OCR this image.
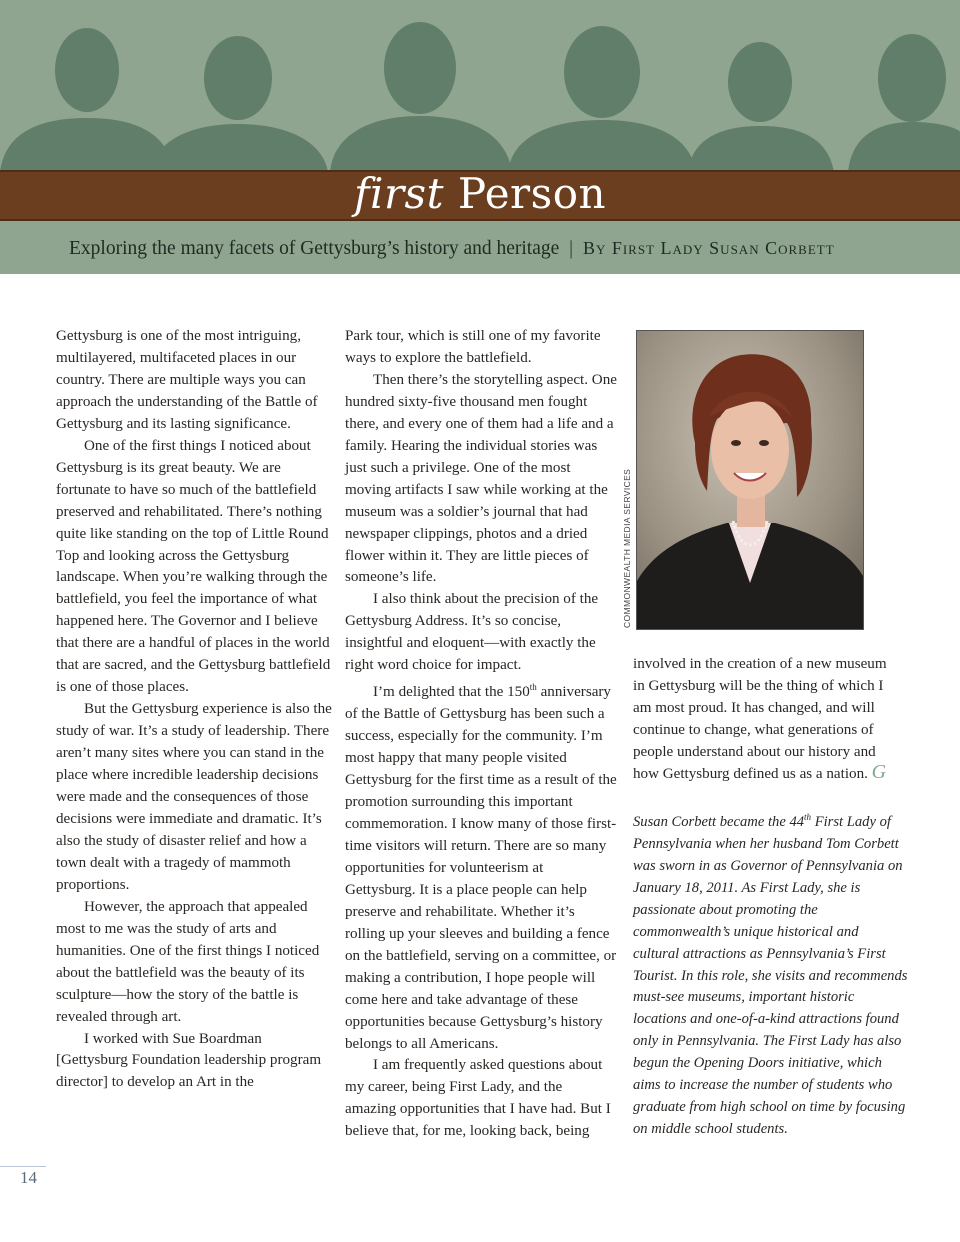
first Person
Exploring the many facets of Gettysburg’s history and heritage | By First Lady Susan Corbett

Gettysburg is one of the most intriguing, multilayered, multifaceted places in our country. There are multiple ways you can approach the understanding of the Battle of Gettysburg and its lasting significance.

One of the first things I noticed about Gettysburg is its great beauty. We are fortunate to have so much of the battlefield preserved and rehabilitated. There’s nothing quite like standing on the top of Little Round Top and looking across the Gettysburg landscape. When you’re walking through the battlefield, you feel the importance of what happened here. The Governor and I believe that there are a handful of places in the world that are sacred, and the Gettysburg battlefield is one of those places.

But the Gettysburg experience is also the study of war. It’s a study of leadership. There aren’t many sites where you can stand in the place where incredible leadership decisions were made and the consequences of those decisions were immediate and dramatic. It’s also the study of disaster relief and how a town dealt with a tragedy of mammoth proportions.

However, the approach that appealed most to me was the study of arts and humanities. One of the first things I noticed about the battlefield was the beauty of its sculpture—how the story of the battle is revealed through art.

I worked with Sue Boardman [Gettysburg Foundation leadership program director] to develop an Art in the

Park tour, which is still one of my favorite ways to explore the battlefield.

Then there’s the storytelling aspect. One hundred sixty-five thousand men fought there, and every one of them had a life and a family. Hearing the individual stories was just such a privilege. One of the most moving artifacts I saw while working at the museum was a soldier’s journal that had newspaper clippings, photos and a dried flower within it. They are little pieces of someone’s life.

I also think about the precision of the Gettysburg Address. It’s so concise, insightful and eloquent—with exactly the right word choice for impact.

I’m delighted that the 150th anniversary of the Battle of Gettysburg has been such a success, especially for the community. I’m most happy that many people visited Gettysburg for the first time as a result of the promotion surrounding this important commemoration. I know many of those first-time visitors will return. There are so many opportunities for volunteerism at Gettysburg. It is a place people can help preserve and rehabilitate. Whether it’s rolling up your sleeves and building a fence on the battlefield, serving on a committee, or making a contribution, I hope people will come here and take advantage of these opportunities because Gettysburg’s history belongs to all Americans.

I am frequently asked questions about my career, being First Lady, and the amazing opportunities that I have had. But I believe that, for me, looking back, being

COMMONWEALTH MEDIA SERVICES

involved in the creation of a new museum in Gettysburg will be the thing of which I am most proud. It has changed, and will continue to change, what generations of people understand about our history and how Gettysburg defined us as a nation. G

Susan Corbett became the 44th First Lady of Pennsylvania when her husband Tom Corbett was sworn in as Governor of Pennsylvania on January 18, 2011. As First Lady, she is passionate about promoting the commonwealth’s unique historical and cultural attractions as Pennsylvania’s First Tourist. In this role, she visits and recommends must-see museums, important historic locations and one-of-a-kind attractions found only in Pennsylvania. The First Lady has also begun the Opening Doors initiative, which aims to increase the number of students who graduate from high school on time by focusing on middle school students.
14
